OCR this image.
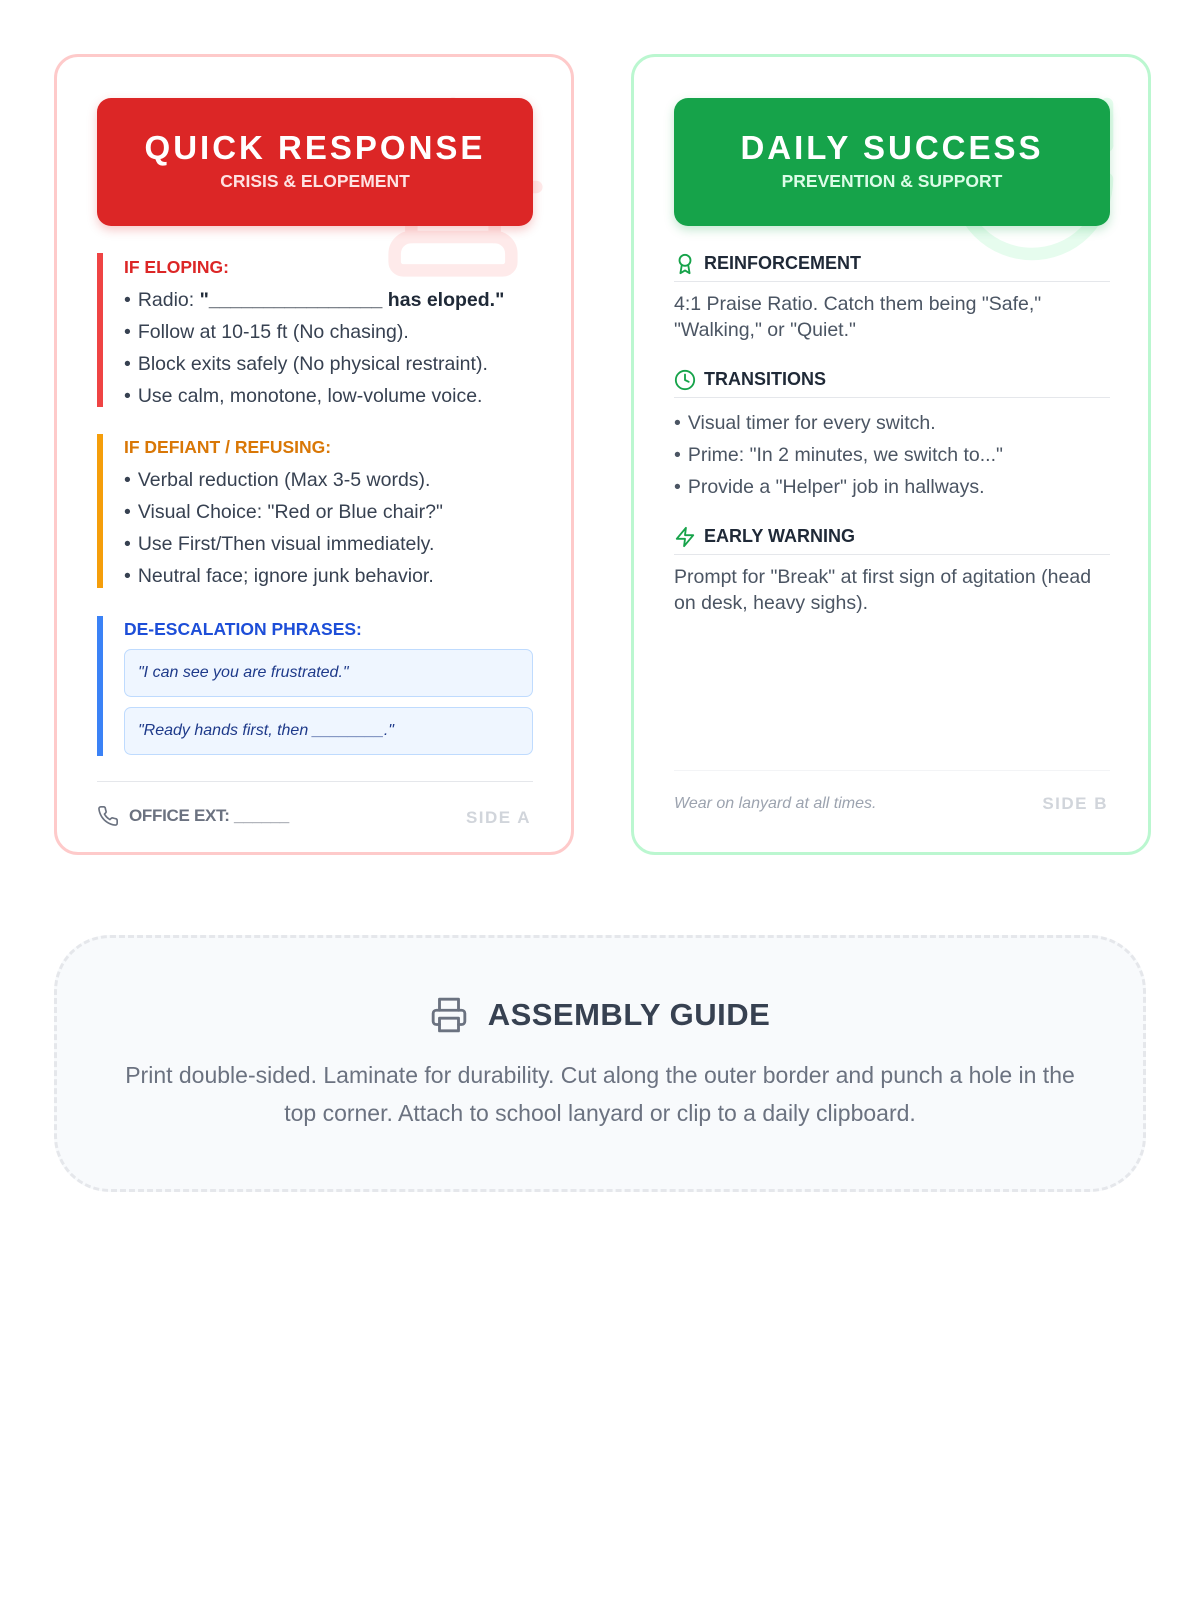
QUICK RESPONSE
CRISIS & ELOPEMENT
IF ELOPING:
• Radio: "________________ has eloped."
• Follow at 10-15 ft (No chasing).
• Block exits safely (No physical restraint).
• Use calm, monotone, low-volume voice.
IF DEFIANT / REFUSING:
• Verbal reduction (Max 3-5 words).
• Visual Choice: "Red or Blue chair?"
• Use First/Then visual immediately.
• Neutral face; ignore junk behavior.
DE-ESCALATION PHRASES:
"I can see you are frustrated."
"Ready hands first, then ________."
OFFICE EXT: ______	SIDE A
DAILY SUCCESS
PREVENTION & SUPPORT
REINFORCEMENT
4:1 Praise Ratio. Catch them being "Safe," "Walking," or "Quiet."
TRANSITIONS
• Visual timer for every switch.
• Prime: "In 2 minutes, we switch to..."
• Provide a "Helper" job in hallways.
EARLY WARNING
Prompt for "Break" at first sign of agitation (head on desk, heavy sighs).
Wear on lanyard at all times.	SIDE B
ASSEMBLY GUIDE
Print double-sided. Laminate for durability. Cut along the outer border and punch a hole in the top corner. Attach to school lanyard or clip to a daily clipboard.
